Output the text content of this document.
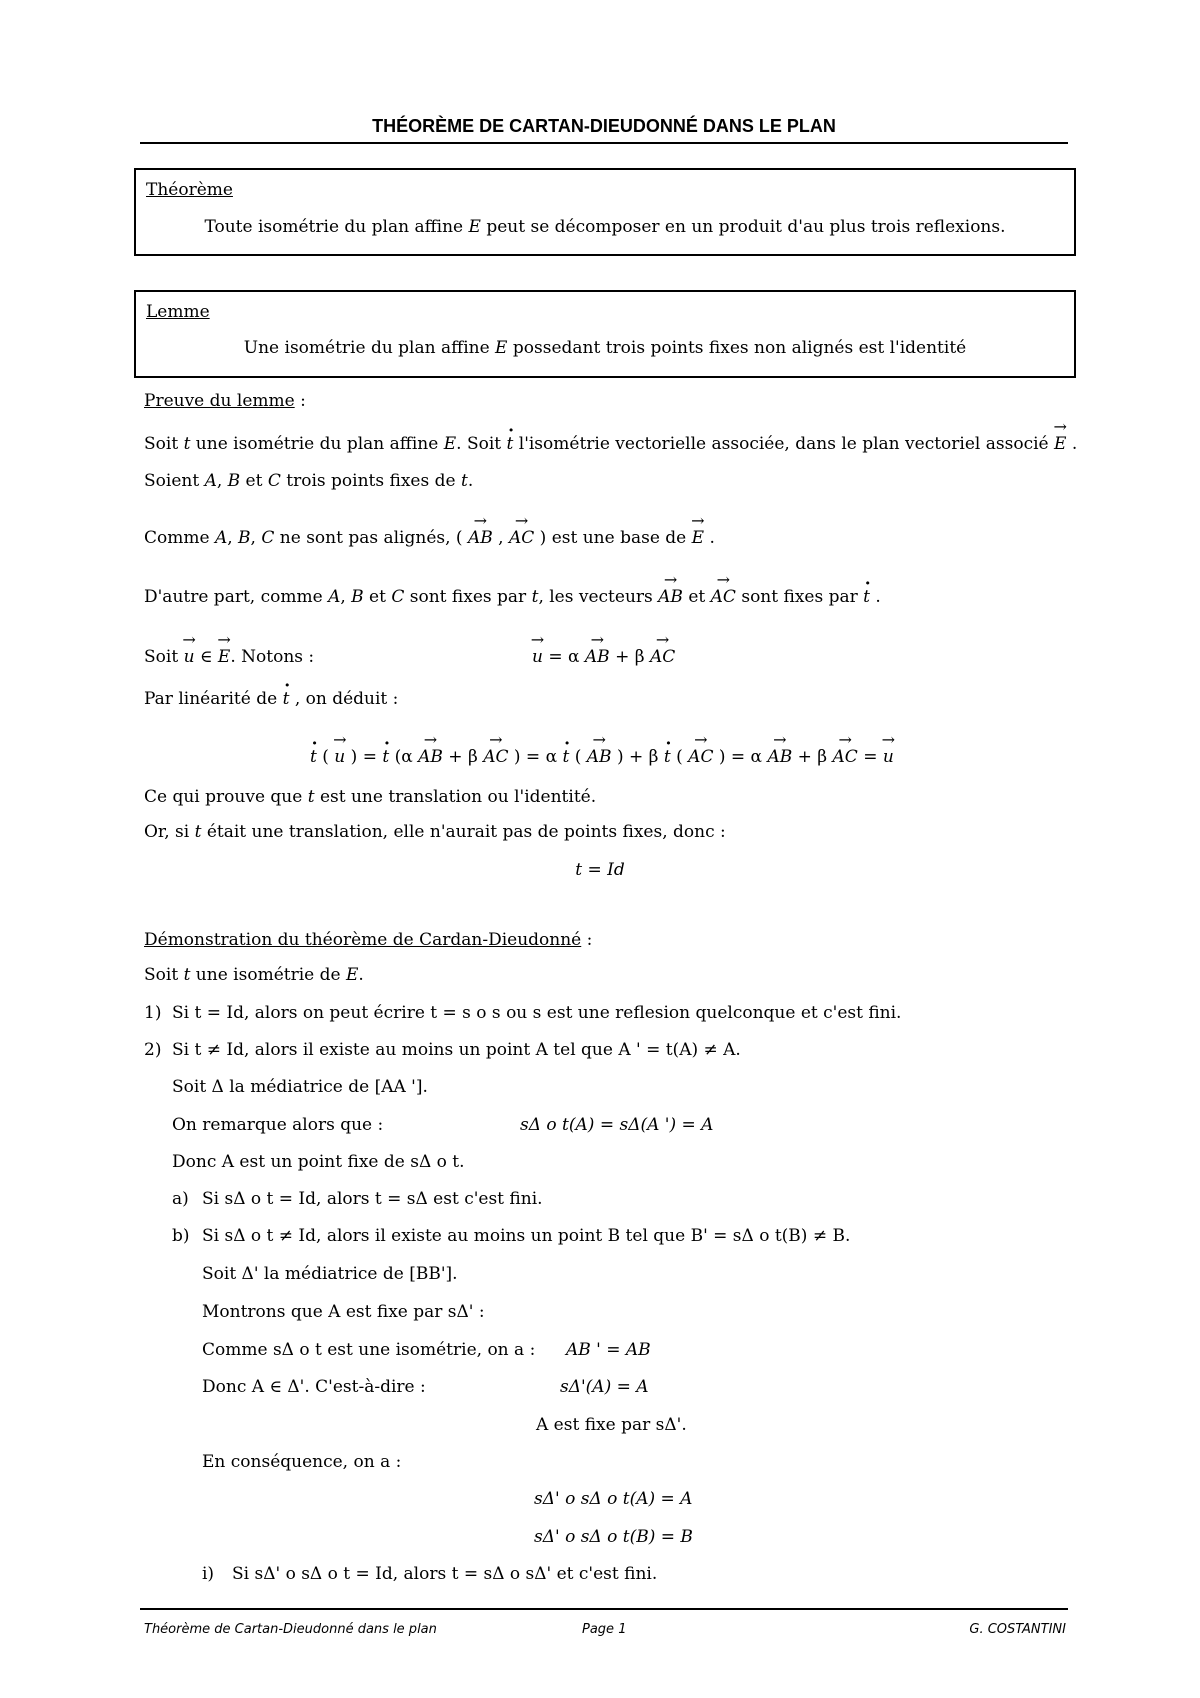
THÉORÈME DE CARTAN-DIEUDONNÉ DANS LE PLAN
Théorème
Toute isométrie du plan affine E peut se décomposer en un produit d'au plus trois reflexions.
Lemme
Une isométrie du plan affine E possedant trois points fixes non alignés est l'identité
Preuve du lemme :
Soit t une isométrie du plan affine E. Soit · t l'isométrie vectorielle associée, dans le plan vectoriel associé → E .
Soient A, B et C trois points fixes de t.
Comme A, B, C ne sont pas alignés, ( → AB , → AC ) est une base de → E .
D'autre part, comme A, B et C sont fixes par t, les vecteurs → AB et → AC sont fixes par · t .
Soit → u ∈ → E. Notons :	→ u = α → AB + β → AC
Par linéarité de · t , on déduit :
· t ( → u ) = · t (α → AB + β → AC ) = α · t ( → AB ) + β · t ( → AC ) = α → AB + β → AC = → u
Ce qui prouve que t est une translation ou l'identité.
Or, si t était une translation, elle n'aurait pas de points fixes, donc :
t = Id
Démonstration du théorème de Cardan-Dieudonné :
Soit t une isométrie de E.
1) Si t = Id, alors on peut écrire t = s o s ou s est une reflesion quelconque et c'est fini.
2) Si t ≠ Id, alors il existe au moins un point A tel que A ' = t(A) ≠ A.
Soit Δ la médiatrice de [AA '].
On remarque alors que :	sΔ o t(A) = sΔ(A ') = A
Donc A est un point fixe de sΔ o t.
a) Si sΔ o t = Id, alors t = sΔ est c'est fini.
b) Si sΔ o t ≠ Id, alors il existe au moins un point B tel que B' = sΔ o t(B) ≠ B.
Soit Δ' la médiatrice de [BB'].
Montrons que A est fixe par sΔ' :
Comme sΔ o t est une isométrie, on a : AB ' = AB
Donc A ∈ Δ'. C'est-à-dire :	sΔ'(A) = A
A est fixe par sΔ'.
En conséquence, on a :
sΔ' o sΔ o t(A) = A
sΔ' o sΔ o t(B) = B
i) Si sΔ' o sΔ o t = Id, alors t = sΔ o sΔ' et c'est fini.
Théorème de Cartan-Dieudonné dans le plan	Page 1	G. COSTANTINI
